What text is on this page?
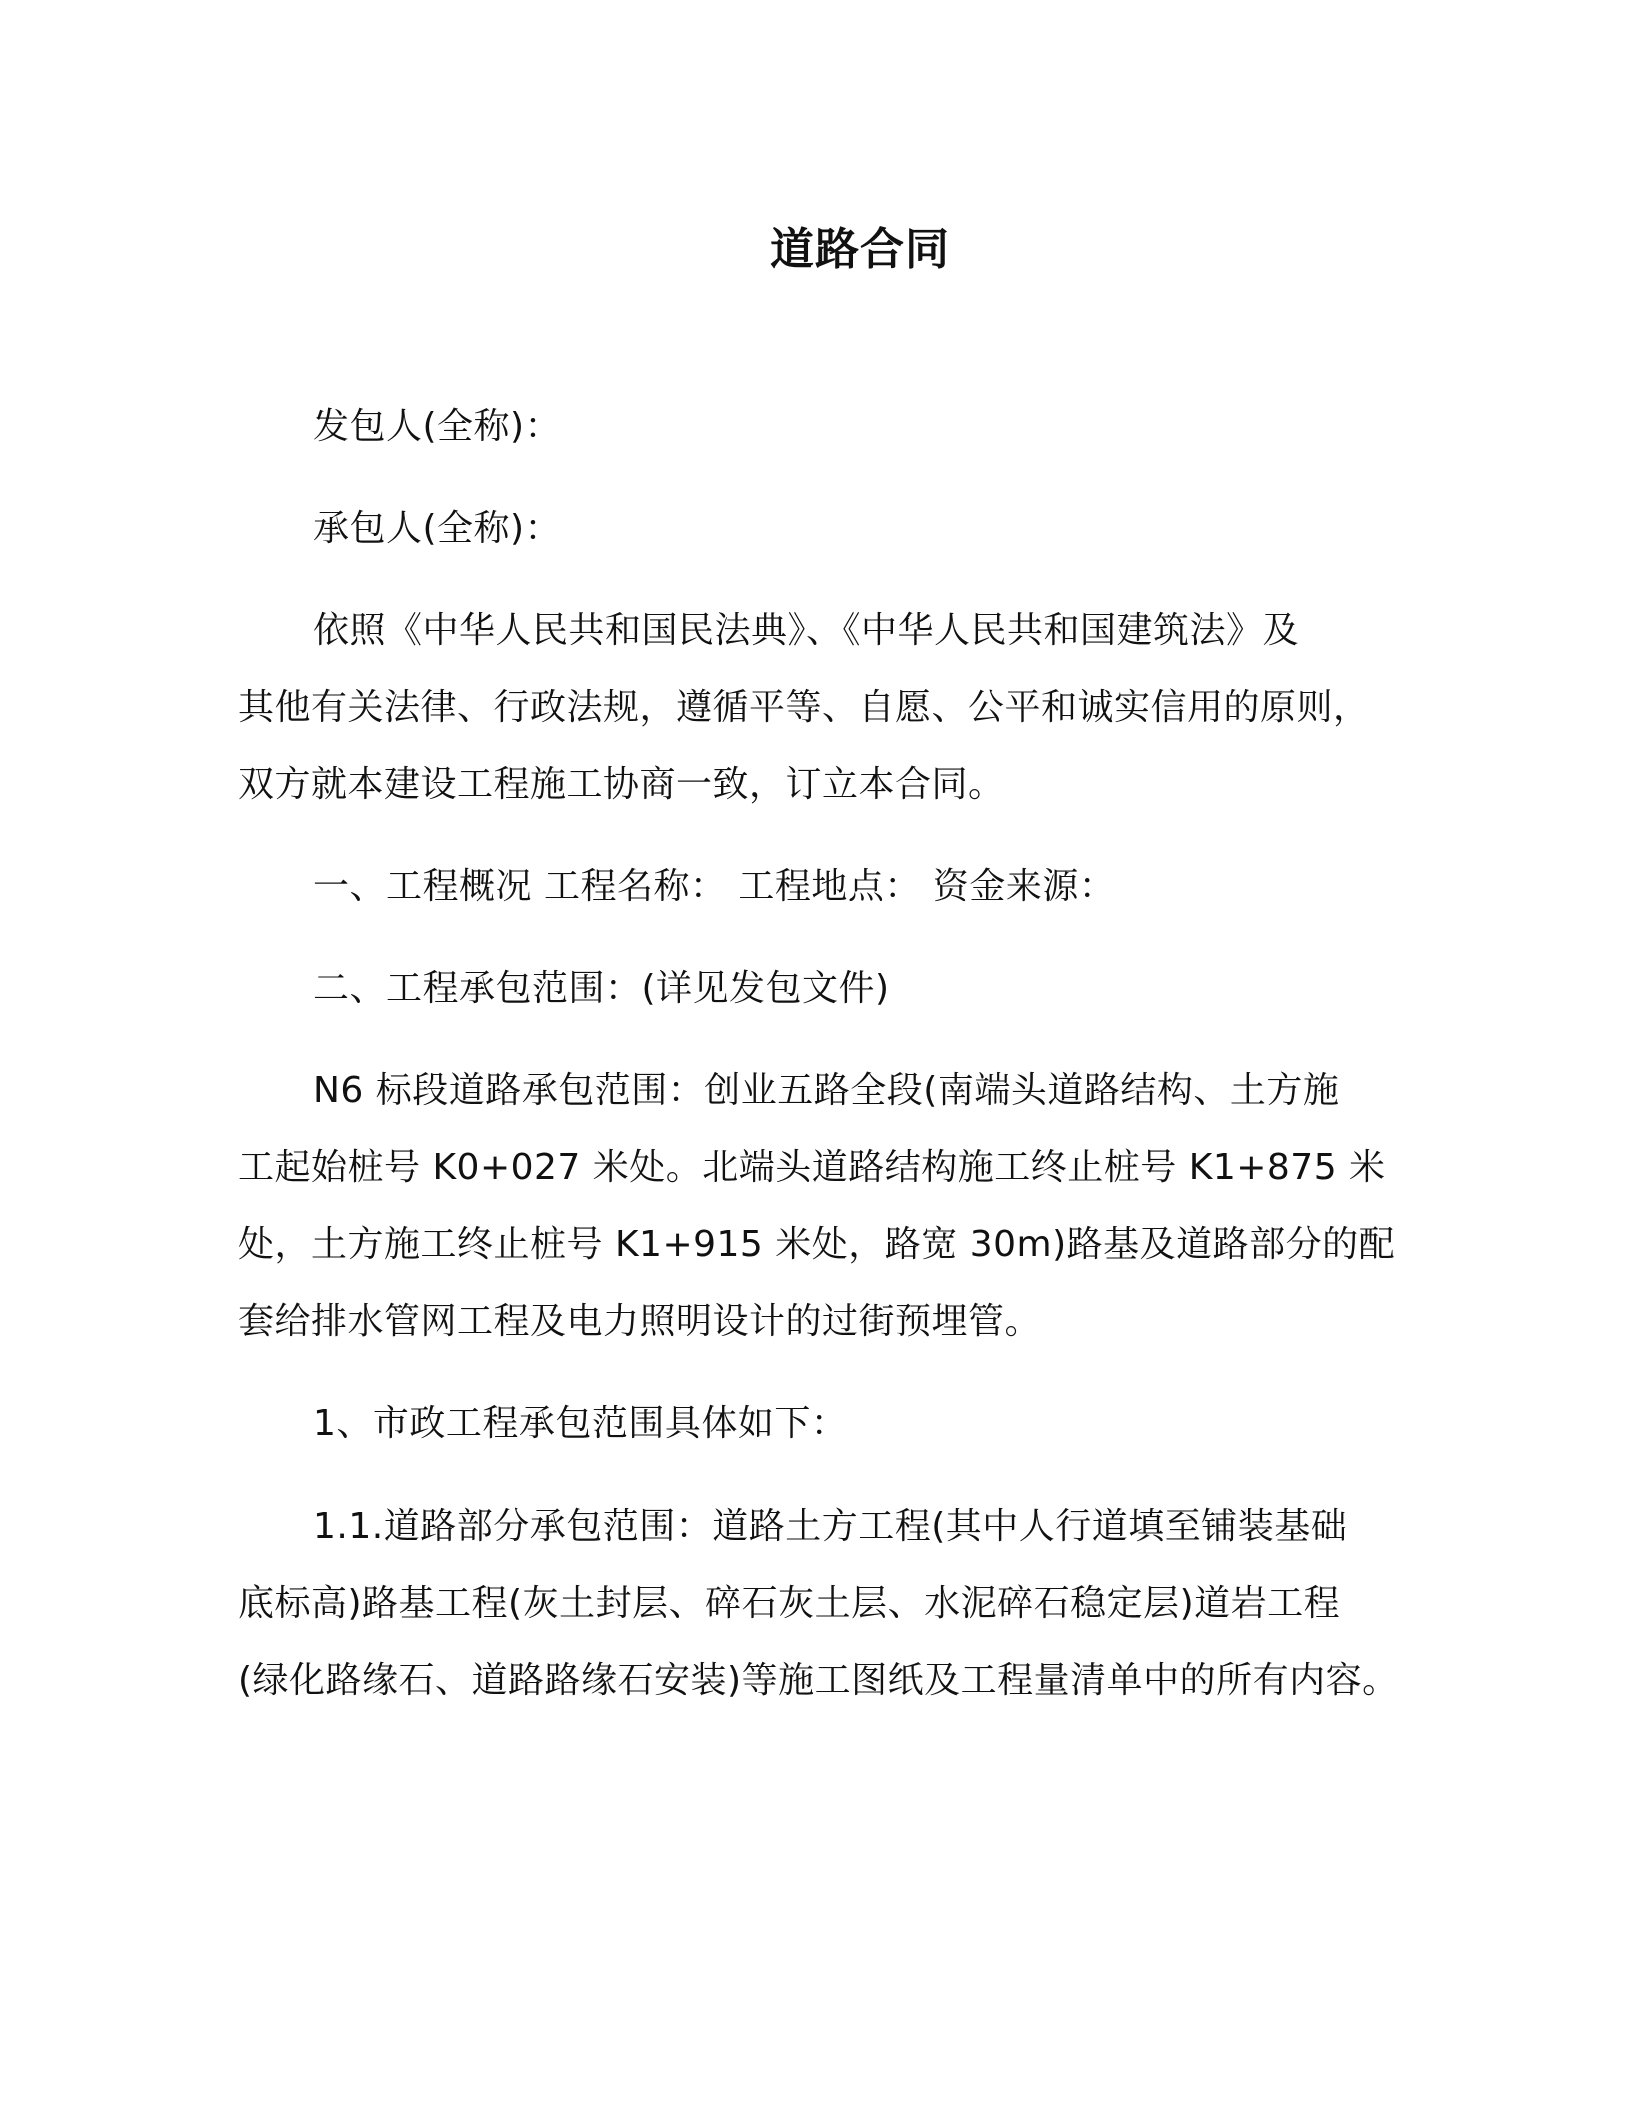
道路合同
发包人(全称)：
承包人(全称)：
依照《中华人民共和国民法典》、《中华人民共和国建筑法》及
其他有关法律、行政法规，遵循平等、自愿、公平和诚实信用的原则，
双方就本建设工程施工协商一致，订立本合同。
一、工程概况 工程名称： 工程地点： 资金来源：
二、工程承包范围：(详见发包文件)
N6 标段道路承包范围：创业五路全段(南端头道路结构、土方施
工起始桩号 K0+027 米处。北端头道路结构施工终止桩号 K1+875 米
处，土方施工终止桩号 K1+915 米处，路宽 30m)路基及道路部分的配
套给排水管网工程及电力照明设计的过街预埋管。
1、市政工程承包范围具体如下：
1.1.道路部分承包范围：道路土方工程(其中人行道填至铺装基础
底标高)路基工程(灰土封层、碎石灰土层、水泥碎石稳定层)道岩工程
(绿化路缘石、道路路缘石安装)等施工图纸及工程量清单中的所有内容。
